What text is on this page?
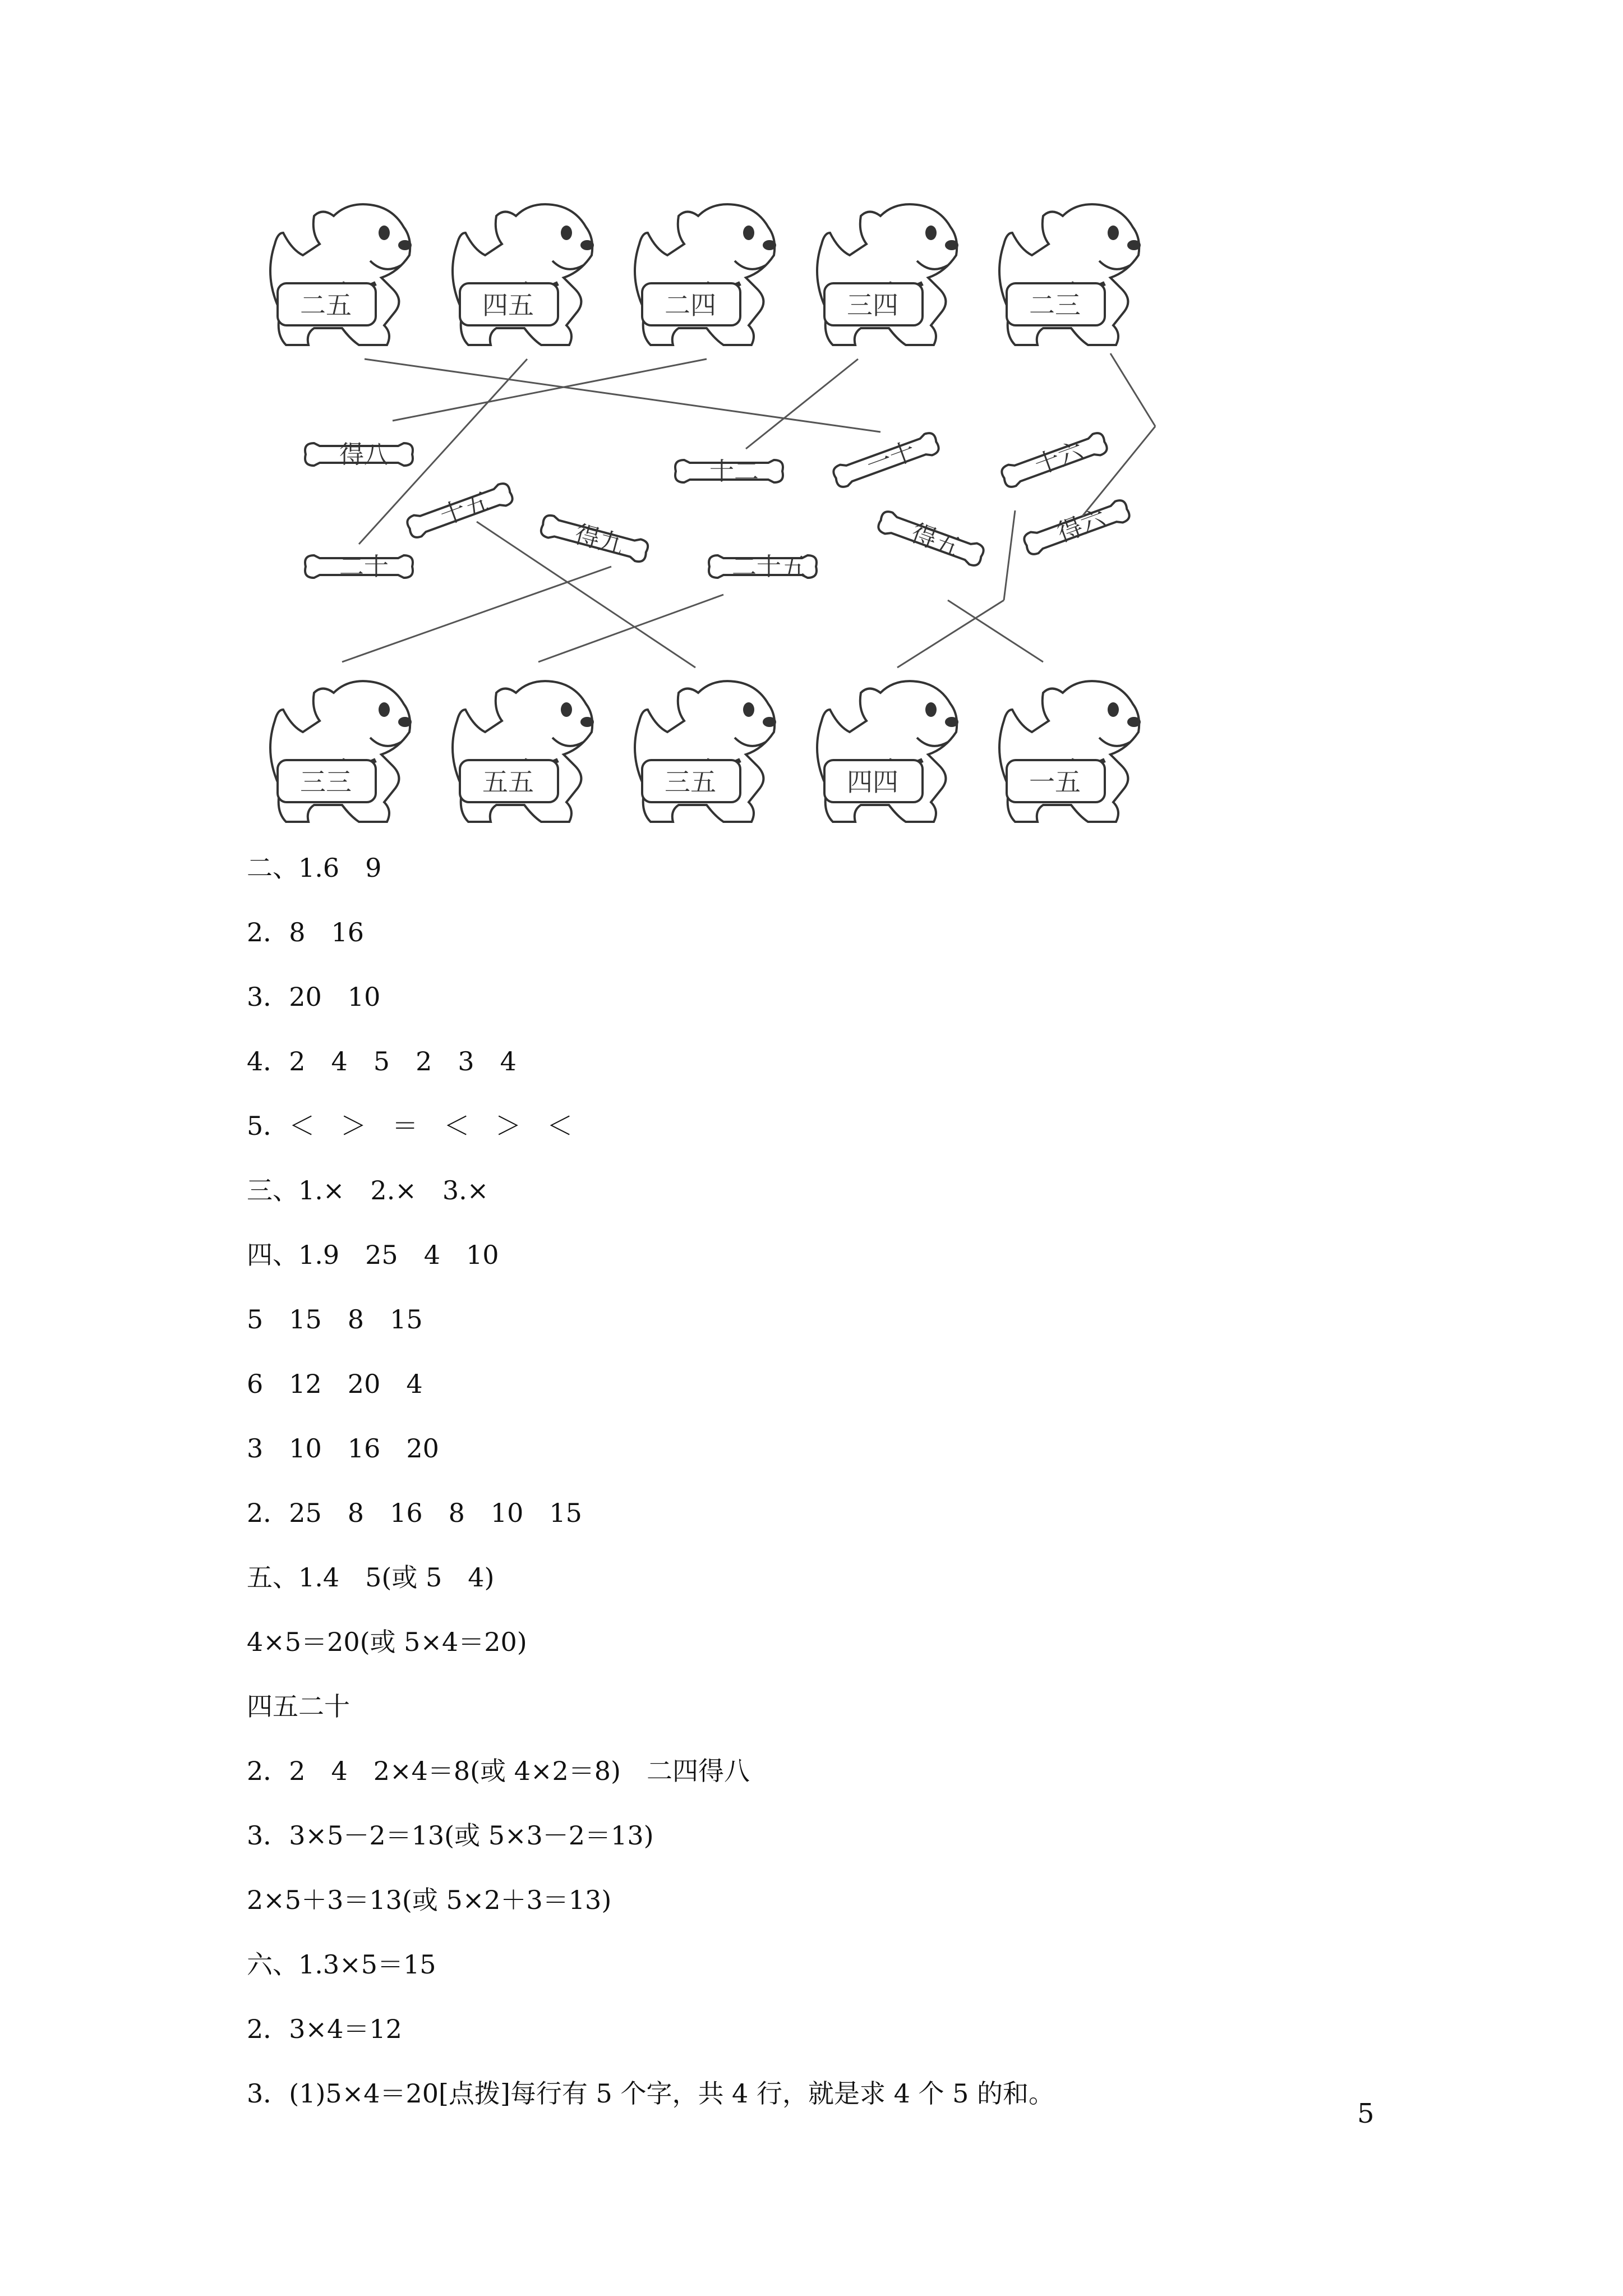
二五	四五	二四	三四	二三
三三	五五	三五	四四	一五
得八
十五
二十
得九
十二
二十五
一十
得五
十六
得六
二、1.6　9
2．8　16
3．20　10
4．2　4　5　2　3　4
5．＜　＞　＝　＜　＞　＜
三、1.×　2.×　3.×
四、1.9　25　4　10
5　15　8　15
6　12　20　4
3　10　16　20
2．25　8　16　8　10　15
五、1.4　5(或 5　4)
4×5＝20(或 5×4＝20)
四五二十
2．2　4　2×4＝8(或 4×2＝8)　二四得八
3．3×5－2＝13(或 5×3－2＝13)
2×5＋3＝13(或 5×2＋3＝13)
六、1.3×5＝15
2．3×4＝12
3．(1)5×4＝20[点拨]每行有 5 个字，共 4 行，就是求 4 个 5 的和。
5
